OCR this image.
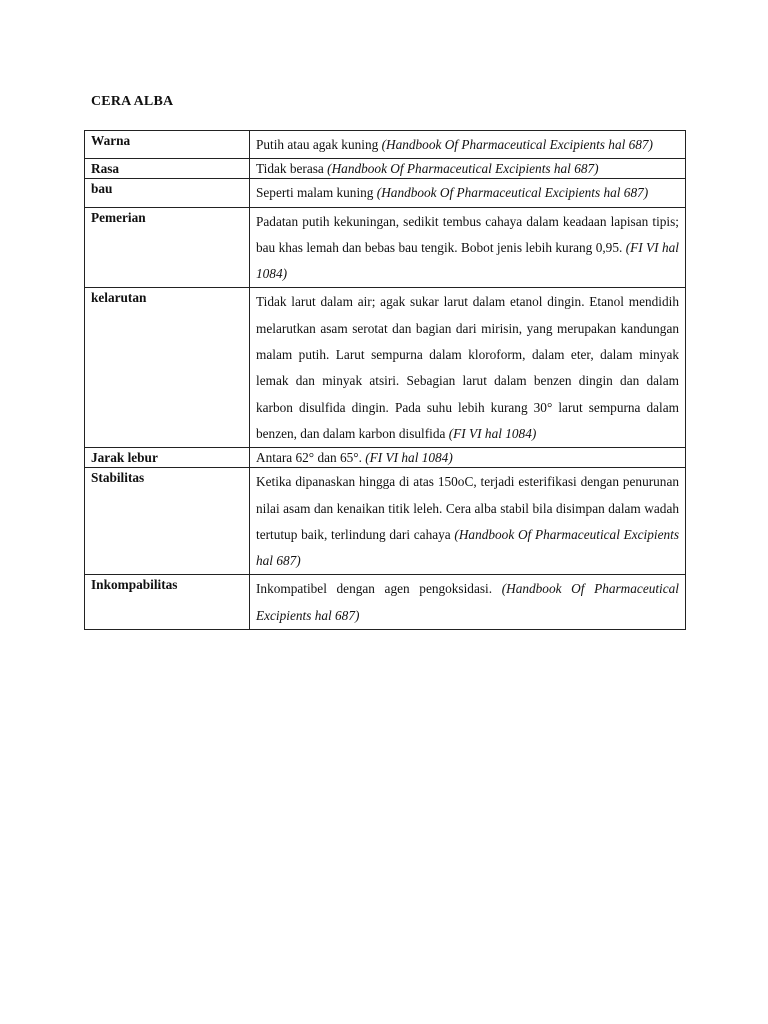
CERA ALBA
Warna	Putih atau agak kuning (Handbook Of Pharmaceutical Excipients hal 687)
Rasa	Tidak berasa (Handbook Of Pharmaceutical Excipients hal 687)
bau	Seperti malam kuning (Handbook Of Pharmaceutical Excipients hal 687)
Pemerian	Padatan putih kekuningan, sedikit tembus cahaya dalam keadaan lapisan tipis; bau khas lemah dan bebas bau tengik. Bobot jenis lebih kurang 0,95. (FI VI hal 1084)
kelarutan	Tidak larut dalam air; agak sukar larut dalam etanol dingin. Etanol mendidih melarutkan asam serotat dan bagian dari mirisin, yang merupakan kandungan malam putih. Larut sempurna dalam kloroform, dalam eter, dalam minyak lemak dan minyak atsiri. Sebagian larut dalam benzen dingin dan dalam karbon disulfida dingin. Pada suhu lebih kurang 30° larut sempurna dalam benzen, dan dalam karbon disulfida (FI VI hal 1084)
Jarak lebur	Antara 62° dan 65°. (FI VI hal 1084)
Stabilitas	Ketika dipanaskan hingga di atas 150oC, terjadi esterifikasi dengan penurunan nilai asam dan kenaikan titik leleh. Cera alba stabil bila disimpan dalam wadah tertutup baik, terlindung dari cahaya (Handbook Of Pharmaceutical Excipients hal 687)
Inkompabilitas	Inkompatibel dengan agen pengoksidasi. (Handbook Of Pharmaceutical Excipients hal 687)
